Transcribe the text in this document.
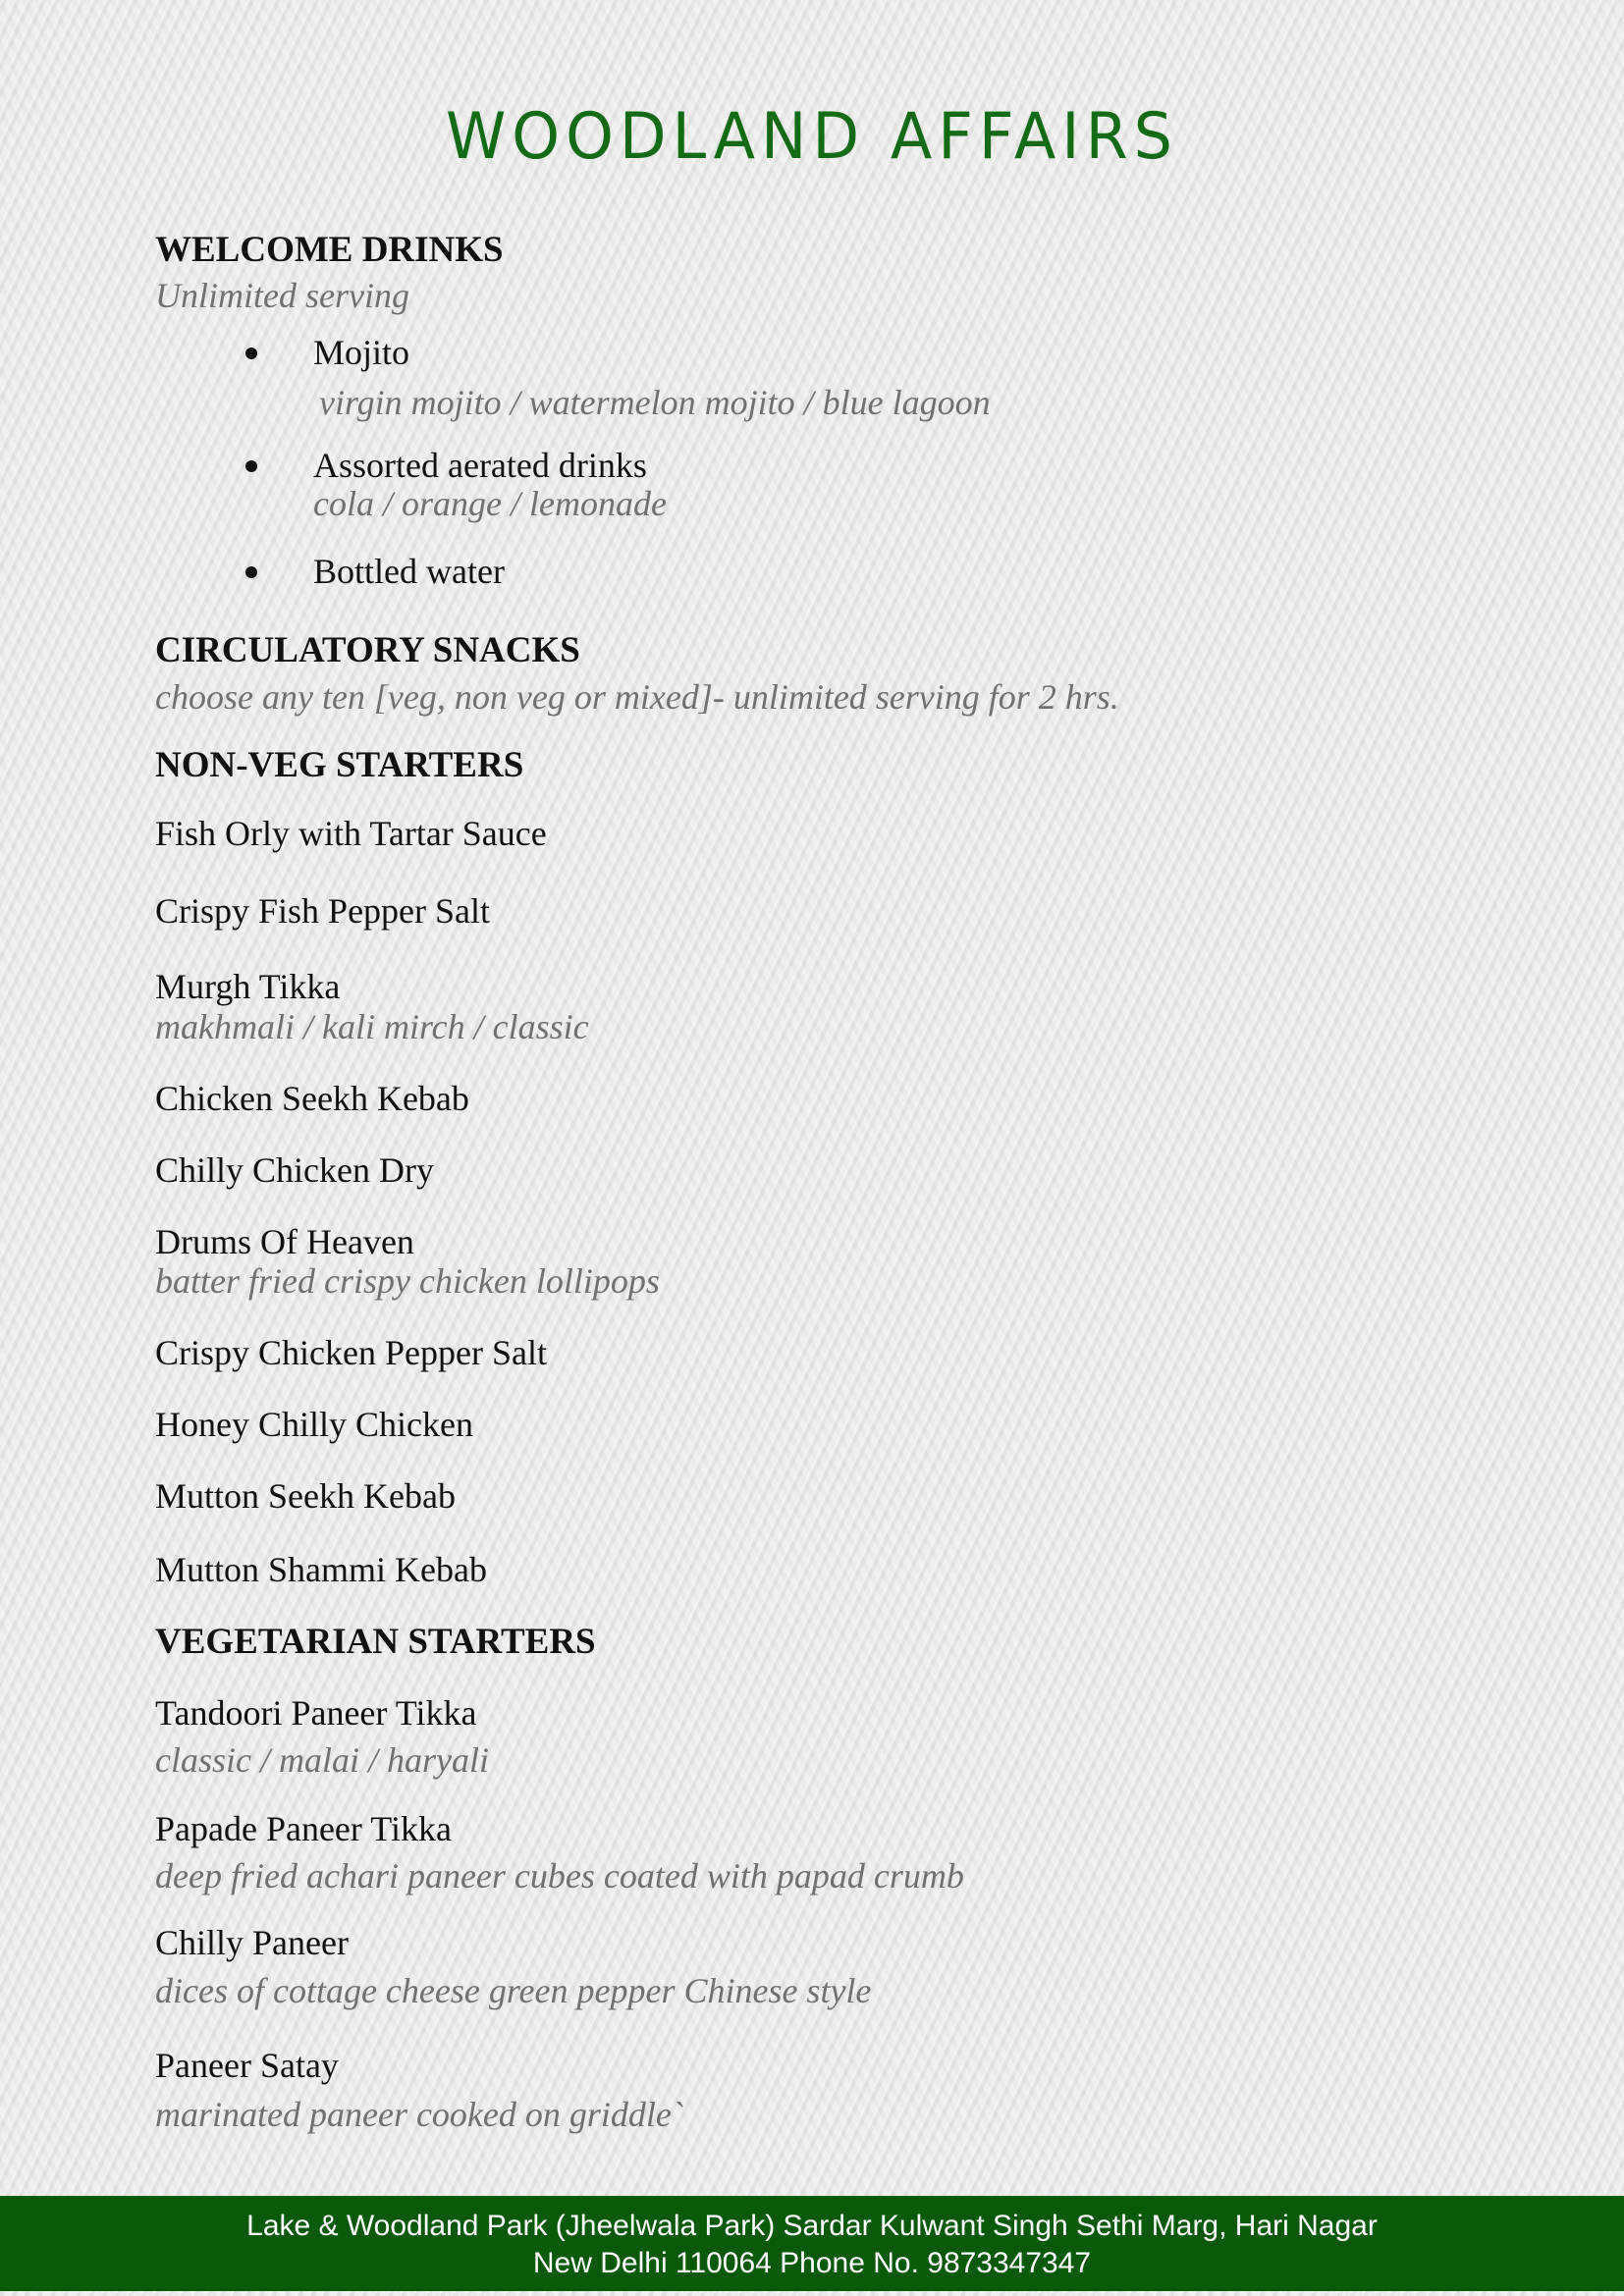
WOODLAND AFFAIRS
WELCOME DRINKS
Unlimited serving
Mojito
virgin mojito / watermelon mojito / blue lagoon
Assorted aerated drinks
cola / orange / lemonade
Bottled water
CIRCULATORY SNACKS
choose any ten [veg, non veg or mixed]- unlimited serving for 2 hrs.
NON-VEG STARTERS
Fish Orly with Tartar Sauce
Crispy Fish Pepper Salt
Murgh Tikka
makhmali / kali mirch / classic
Chicken Seekh Kebab
Chilly Chicken Dry
Drums Of Heaven
batter fried crispy chicken lollipops
Crispy Chicken Pepper Salt
Honey Chilly Chicken
Mutton Seekh Kebab
Mutton Shammi Kebab
VEGETARIAN STARTERS
Tandoori Paneer Tikka
classic / malai / haryali
Papade Paneer Tikka
deep fried achari paneer cubes coated with papad crumb
Chilly Paneer
dices of cottage cheese green pepper Chinese style
Paneer Satay
marinated paneer cooked on griddle`
Lake & Woodland Park (Jheelwala Park) Sardar Kulwant Singh Sethi Marg, Hari Nagar
New Delhi 110064 Phone No. 9873347347
